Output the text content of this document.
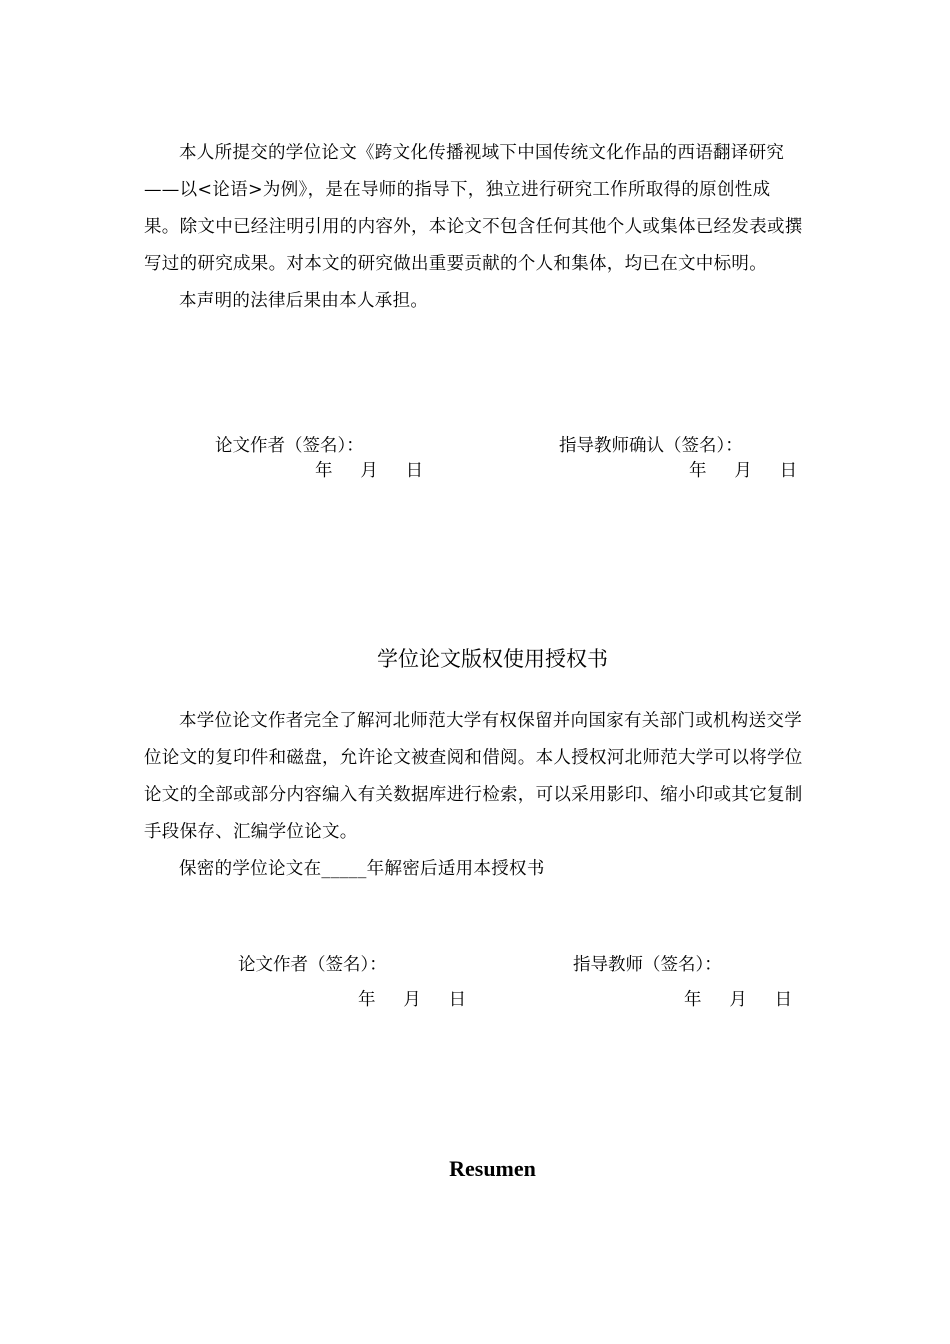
本人所提交的学位论文《跨文化传播视域下中国传统文化作品的西语翻译研究——以<论语>为例》，是在导师的指导下，独立进行研究工作所取得的原创性成果。除文中已经注明引用的内容外，本论文不包含任何其他个人或集体已经发表或撰写过的研究成果。对本文的研究做出重要贡献的个人和集体，均已在文中标明。

本声明的法律后果由本人承担。

论文作者（签名）：	指导教师确认（签名）：
年     月     日	年     月     日
学位论文版权使用授权书

本学位论文作者完全了解河北师范大学有权保留并向国家有关部门或机构送交学位论文的复印件和磁盘，允许论文被查阅和借阅。本人授权河北师范大学可以将学位论文的全部或部分内容编入有关数据库进行检索，可以采用影印、缩小印或其它复制手段保存、汇编学位论文。

保密的学位论文在_____年解密后适用本授权书

论文作者（签名）：	指导教师（签名）：
年     月     日	年     月     日
Resumen
